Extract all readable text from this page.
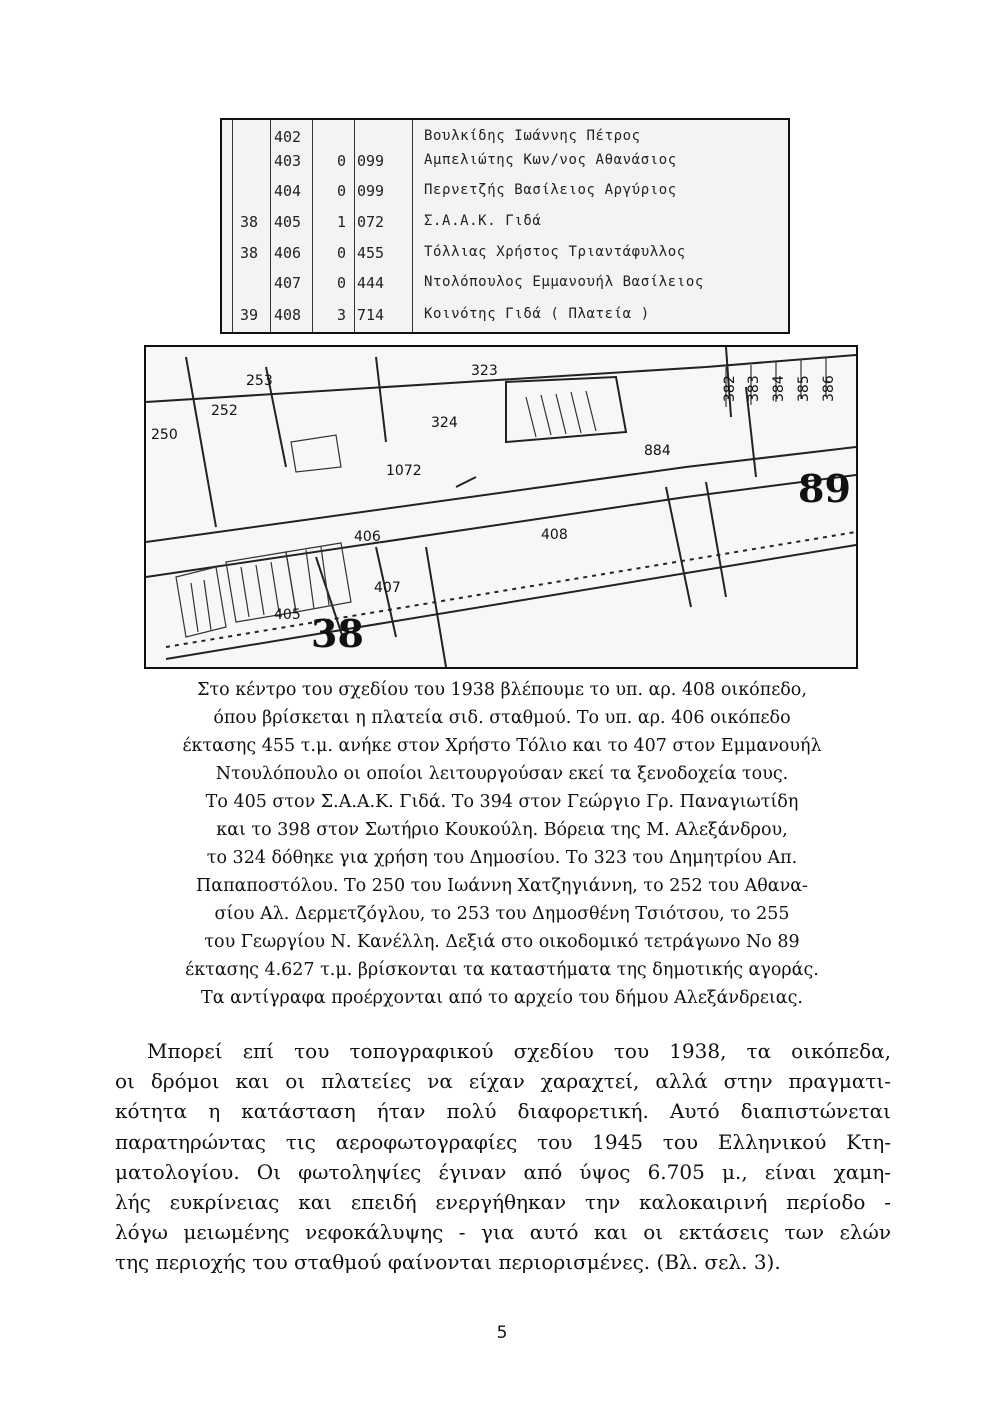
402	Βουλκίδης Ιωάννης Πέτρος
403 0 099	Αμπελιώτης Κων/νος Αθανάσιος
404 0 099	Περνετζής Βασίλειος Αργύριος
38 405 1 072	Σ.Α.Α.Κ. Γιδά
38 406 0 455	Τόλλιας Χρήστος Τριαντάφυλλος
407 0 444	Ντολόπουλος Εμμανουήλ Βασίλειος
39 408 3 714	Κοινότης Γιδά ( Πλατεία )
253
252
250
323
324
1072
884
89
408
406
405
407
38
382 383 384 385 386

Στο κέντρο του σχεδίου του 1938 βλέπουμε το υπ. αρ. 408 οικόπεδο,

όπου βρίσκεται η πλατεία σιδ. σταθμού. Το υπ. αρ. 406 οικόπεδο

έκτασης 455 τ.μ. ανήκε στον Χρήστο Τόλιο και το 407 στον Εμμανουήλ

Ντουλόπουλο οι οποίοι λειτουργούσαν εκεί τα ξενοδοχεία τους.

Το 405 στον Σ.Α.Α.Κ. Γιδά. Το 394 στον Γεώργιο Γρ. Παναγιωτίδη

και το 398 στον Σωτήριο Κουκούλη. Βόρεια της Μ. Αλεξάνδρου,

το 324 δόθηκε για χρήση του Δημοσίου. Το 323 του Δημητρίου Απ.

Παπαποστόλου. Το 250 του Ιωάννη Χατζηγιάννη, το 252 του Αθανα-

σίου Αλ. Δερμετζόγλου, το 253 του Δημοσθένη Τσιότσου, το 255

του Γεωργίου Ν. Κανέλλη. Δεξιά στο οικοδομικό τετράγωνο Νο 89

έκτασης 4.627 τ.μ. βρίσκονται τα καταστήματα της δημοτικής αγοράς.

Τα αντίγραφα προέρχονται από το αρχείο του δήμου Αλεξάνδρειας.

Μπορεί επί του τοπογραφικού σχεδίου του 1938, τα οικόπεδα,

οι δρόμοι και οι πλατείες να είχαν χαραχτεί, αλλά στην πραγματι-

κότητα η κατάσταση ήταν πολύ διαφορετική. Αυτό διαπιστώνεται

παρατηρώντας τις αεροφωτογραφίες του 1945 του Ελληνικού Κτη-

ματολογίου. Οι φωτοληψίες έγιναν από ύψος 6.705 μ., είναι χαμη-

λής ευκρίνειας και επειδή ενεργήθηκαν την καλοκαιρινή περίοδο -

λόγω μειωμένης νεφοκάλυψης - για αυτό και οι εκτάσεις των ελών

της περιοχής του σταθμού φαίνονται περιορισμένες. (Βλ. σελ. 3).

5
